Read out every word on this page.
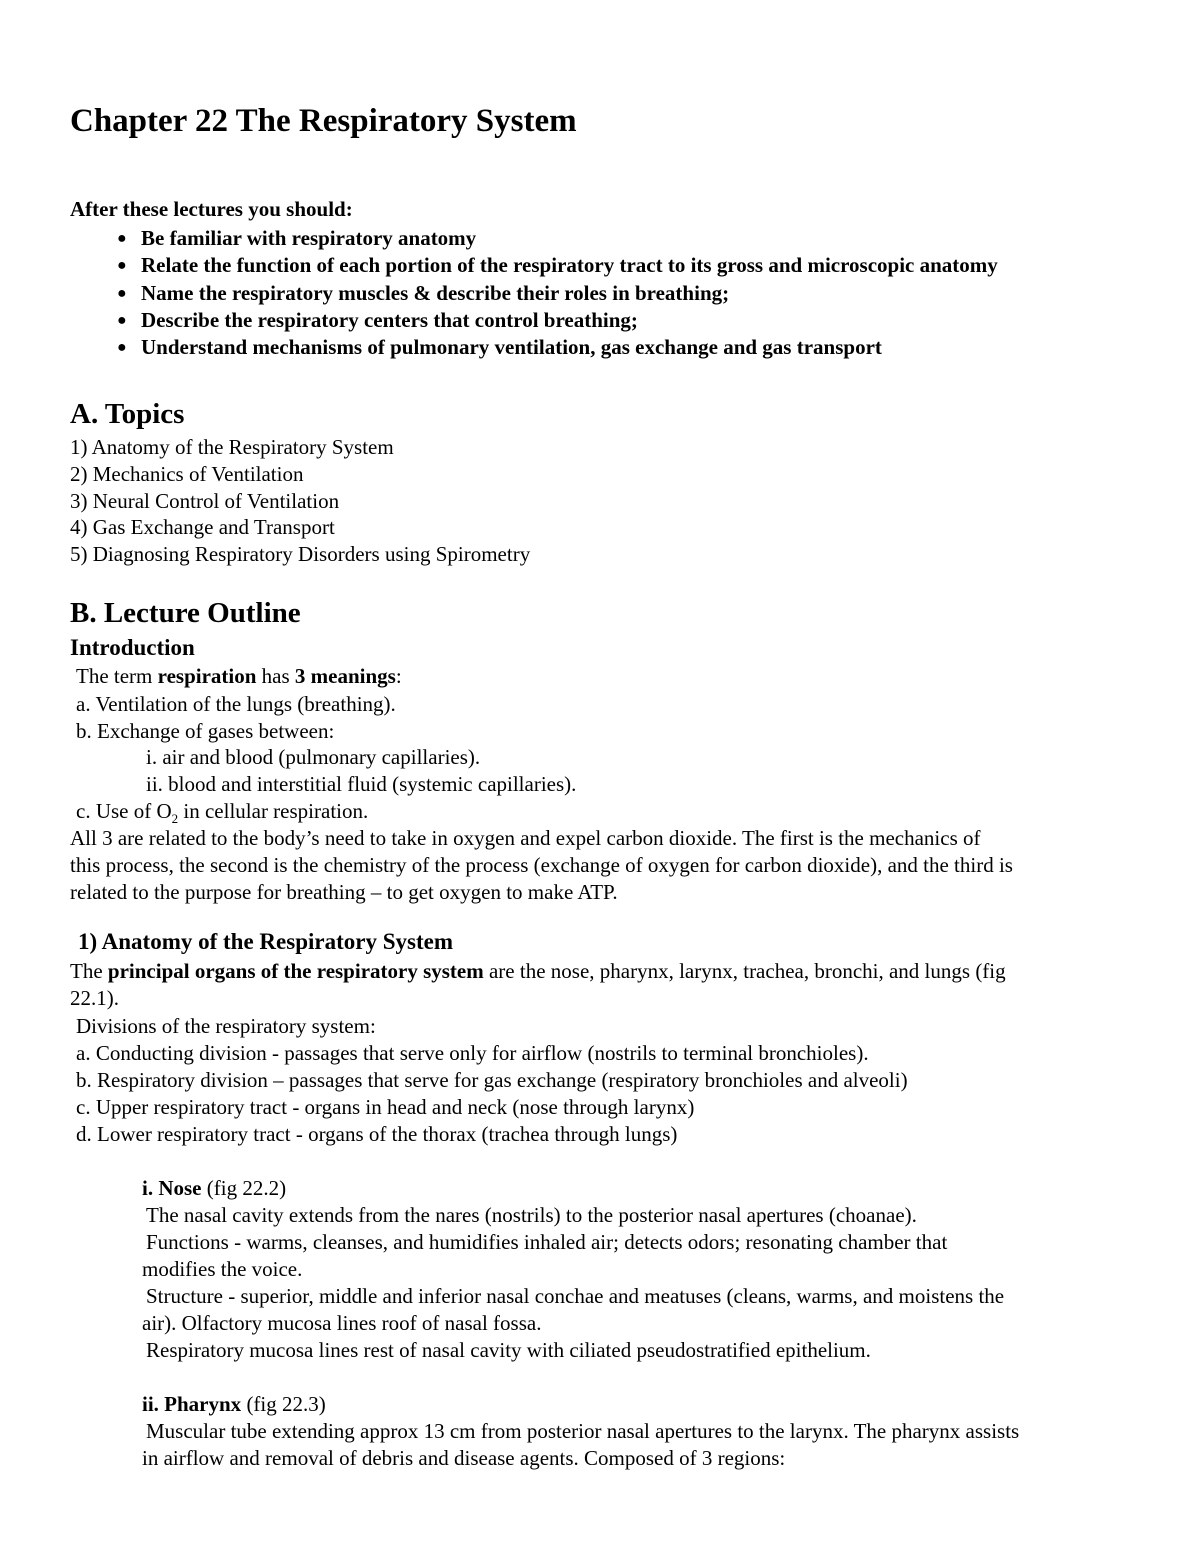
Chapter 22 The Respiratory System
After these lectures you should:
● Be familiar with respiratory anatomy
● Relate the function of each portion of the respiratory tract to its gross and microscopic anatomy
● Name the respiratory muscles & describe their roles in breathing;
● Describe the respiratory centers that control breathing;
● Understand mechanisms of pulmonary ventilation, gas exchange and gas transport
A. Topics
1) Anatomy of the Respiratory System
2) Mechanics of Ventilation
3) Neural Control of Ventilation
4) Gas Exchange and Transport
5) Diagnosing Respiratory Disorders using Spirometry
B. Lecture Outline
Introduction
The term respiration has 3 meanings:
a. Ventilation of the lungs (breathing).
b. Exchange of gases between:
i. air and blood (pulmonary capillaries).
ii. blood and interstitial fluid (systemic capillaries).
c. Use of $O_2$ in cellular respiration.
All 3 are related to the body’s need to take in oxygen and expel carbon dioxide. The first is the mechanics of
this process, the second is the chemistry of the process (exchange of oxygen for carbon dioxide), and the third is
related to the purpose for breathing – to get oxygen to make ATP.
1) Anatomy of the Respiratory System
The principal organs of the respiratory system are the nose, pharynx, larynx, trachea, bronchi, and lungs (fig
22.1).
Divisions of the respiratory system:
a. Conducting division - passages that serve only for airflow (nostrils to terminal bronchioles).
b. Respiratory division – passages that serve for gas exchange (respiratory bronchioles and alveoli)
c. Upper respiratory tract - organs in head and neck (nose through larynx)
d. Lower respiratory tract - organs of the thorax (trachea through lungs)
i. Nose (fig 22.2)
The nasal cavity extends from the nares (nostrils) to the posterior nasal apertures (choanae).
Functions - warms, cleanses, and humidifies inhaled air; detects odors; resonating chamber that
modifies the voice.
Structure - superior, middle and inferior nasal conchae and meatuses (cleans, warms, and moistens the
air). Olfactory mucosa lines roof of nasal fossa.
Respiratory mucosa lines rest of nasal cavity with ciliated pseudostratified epithelium.
ii. Pharynx (fig 22.3)
Muscular tube extending approx 13 cm from posterior nasal apertures to the larynx. The pharynx assists
in airflow and removal of debris and disease agents. Composed of 3 regions:
